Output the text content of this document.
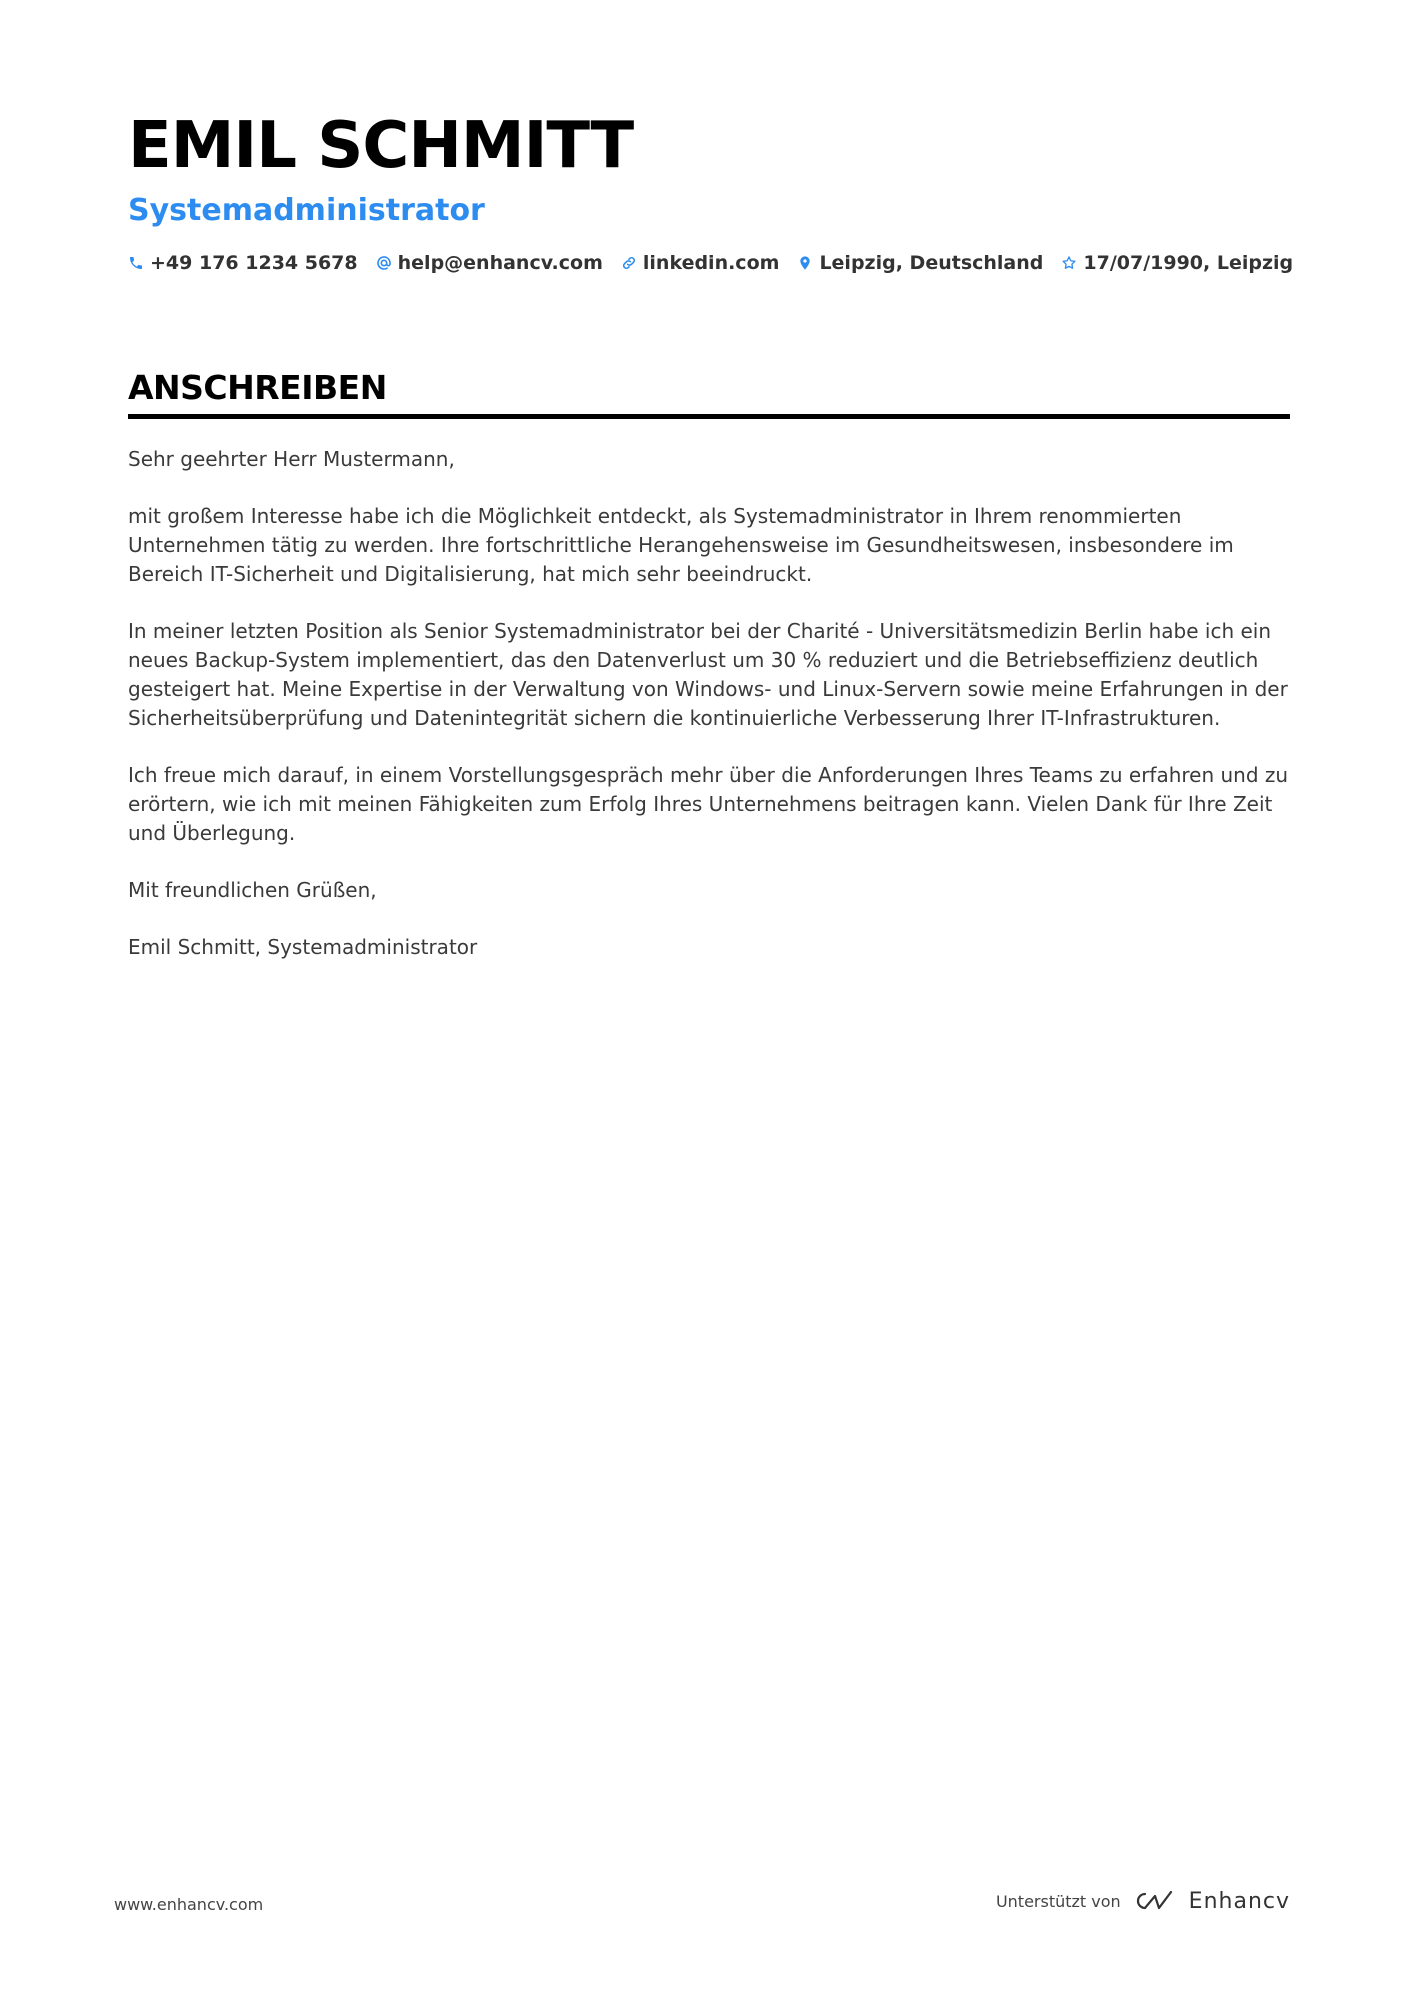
EMIL SCHMITT
Systemadministrator
+49 176 1234 5678 help@enhancv.com linkedin.com Leipzig, Deutschland 17/07/1990, Leipzig
ANSCHREIBEN

Sehr geehrter Herr Mustermann,

mit großem Interesse habe ich die Möglichkeit entdeckt, als Systemadministrator in Ihrem renommierten Unternehmen tätig zu werden. Ihre fortschrittliche Herangehensweise im Gesundheitswesen, insbesondere im Bereich IT-Sicherheit und Digitalisierung, hat mich sehr beeindruckt.

In meiner letzten Position als Senior Systemadministrator bei der Charité - Universitätsmedizin Berlin habe ich ein neues Backup-System implementiert, das den Datenverlust um 30 % reduziert und die Betriebseffizienz deutlich gesteigert hat. Meine Expertise in der Verwaltung von Windows- und Linux-Servern sowie meine Erfahrungen in der Sicherheitsüberprüfung und Datenintegrität sichern die kontinuierliche Verbesserung Ihrer IT-Infrastrukturen.

Ich freue mich darauf, in einem Vorstellungsgespräch mehr über die Anforderungen Ihres Teams zu erfahren und zu erörtern, wie ich mit meinen Fähigkeiten zum Erfolg Ihres Unternehmens beitragen kann. Vielen Dank für Ihre Zeit und Überlegung.

Mit freundlichen Grüßen,

Emil Schmitt, Systemadministrator

www.enhancv.com	Unterstützt von	Enhancv
